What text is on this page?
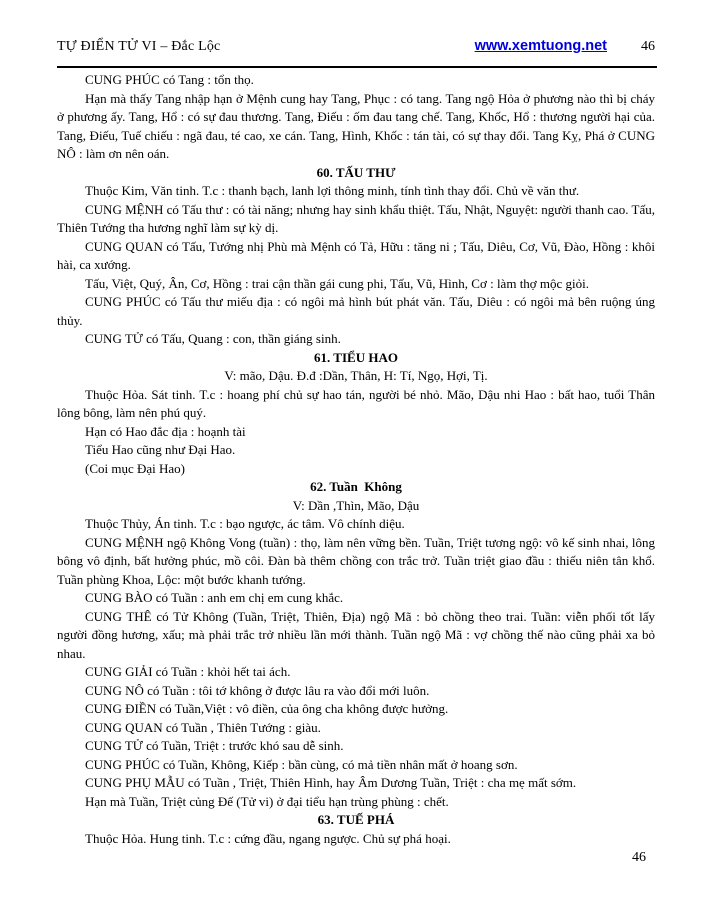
TỰ ĐIỂN TỬ VI – Đắc Lộc	www.xemtuong.net 46

CUNG PHÚC có Tang : tổn thọ.

Hạn mà thấy Tang nhập hạn ở Mệnh cung hay Tang, Phục : có tang. Tang ngộ Hỏa ở phương nào thì bị cháy ở phương ấy. Tang, Hổ : có sự đau thương. Tang, Điếu : ốm đau tang chế. Tang, Khốc, Hổ : thương người hại của. Tang, Điếu, Tuế chiếu : ngã đau, té cao, xe cán. Tang, Hình, Khốc : tán tài, có sự thay đổi. Tang Kỵ, Phá ở CUNG NÔ : làm ơn nên oán.

60. TẤU THƯ

Thuộc Kim, Văn tinh. T.c : thanh bạch, lanh lợi thông minh, tính tình thay đổi. Chủ về văn thư.

CUNG MỆNH có Tấu thư : có tài năng; nhưng hay sinh khẩu thiệt. Tấu, Nhật, Nguyệt: người thanh cao. Tấu, Thiên Tướng tha hương nghĩ làm sự kỳ dị.

CUNG QUAN có Tấu, Tướng nhị Phù mà Mệnh có Tả, Hữu : tăng ni ; Tấu, Diêu, Cơ, Vũ, Đào, Hồng : khôi hài, ca xướng.

Tấu, Việt, Quý, Ân, Cơ, Hồng : trai cận thần gái cung phi, Tấu, Vũ, Hình, Cơ : làm thợ mộc giỏi.

CUNG PHÚC có Tấu thư miếu địa : có ngôi mả hình bút phát văn. Tấu, Diêu : có ngôi mả bên ruộng úng thủy.

CUNG TỬ có Tấu, Quang : con, thần giáng sinh.

61. TIỂU HAO
V: mão, Dậu. Đ.đ :Dần, Thân, H: Tí, Ngọ, Hợi, Tị.

Thuộc Hỏa. Sát tinh. T.c : hoang phí chủ sự hao tán, người bé nhỏ. Mão, Dậu nhi Hao : bất hao, tuổi Thân lông bông, làm nên phú quý.

Hạn có Hao đắc địa : hoạnh tài

Tiểu Hao cũng như Đại Hao.

(Coi mục Đại Hao)

62. Tuần  Không
V: Dần ,Thìn, Mão, Dậu

Thuộc Thủy, Án tinh. T.c : bạo ngược, ác tâm. Vô chính diệu.

CUNG MỆNH ngộ Không Vong (tuần) : thọ, làm nên vững bền. Tuần, Triệt tương ngộ: vô kế sinh nhai, lông bông vô định, bất hưởng phúc, mồ côi. Đàn bà thêm chồng con trắc trở. Tuần triệt giao đầu : thiếu niên tân khổ. Tuần phùng Khoa, Lộc: một bước khanh tướng.

CUNG BÀO có Tuần : anh em chị em cung khắc.

CUNG THÊ có Tử Không (Tuần, Triệt, Thiên, Địa) ngộ Mã : bỏ chồng theo trai. Tuần: viễn phối tốt lấy người đồng hương, xấu; mà phải trắc trở nhiều lần mới thành. Tuần ngộ Mã : vợ chồng thế nào cũng phải xa bỏ nhau.

CUNG GIẢI có Tuần : khỏi hết tai ách.

CUNG NÔ có Tuần : tôi tớ không ở được lâu ra vào đổi mới luôn.

CUNG ĐIỀN có Tuần,Việt : vô điền, của ông cha không được hưởng.

CUNG QUAN có Tuần , Thiên Tướng : giàu.

CUNG TỬ có Tuần, Triệt : trước khó sau dễ sinh.

CUNG PHÚC có Tuần, Không, Kiếp : bần cùng, có mả tiền nhân mất ở hoang sơn.

CUNG PHỤ MẪU có Tuần , Triệt, Thiên Hình, hay Âm Dương Tuần, Triệt : cha mẹ mất sớm.

Hạn mà Tuần, Triệt củng Đế (Tử vi) ở đại tiểu hạn trùng phùng : chết.

63. TUẾ PHÁ

Thuộc Hỏa. Hung tinh. T.c : cứng đầu, ngang ngược. Chủ sự phá hoại.

46
